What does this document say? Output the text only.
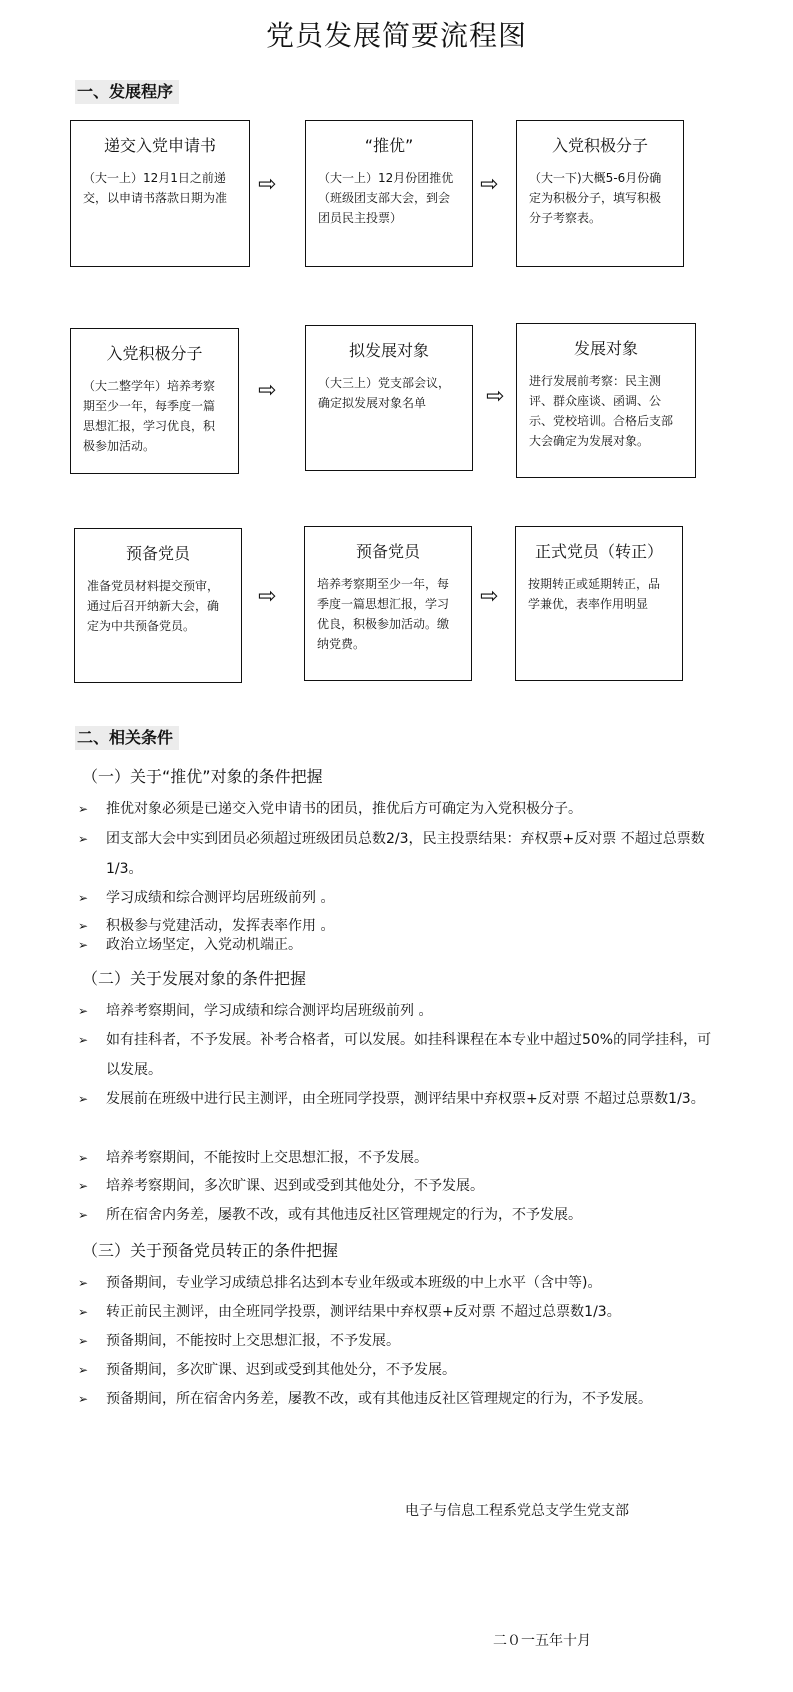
党员发展简要流程图
一、发展程序
递交入党申请书
（大一上）12月1日之前递交，以申请书落款日期为准
⇨
“推优”
（大一上）12月份团推优（班级团支部大会，到会团员民主投票）
⇨
入党积极分子
（大一下)大概5-6月份确定为积极分子，填写积极分子考察表。
入党积极分子
（大二整学年）培养考察期至少一年，每季度一篇思想汇报，学习优良，积极参加活动。
⇨
拟发展对象
（大三上）党支部会议，确定拟发展对象名单	⇨
发展对象
进行发展前考察：民主测评、群众座谈、函调、公示、党校培训。合格后支部大会确定为发展对象。
预备党员
准备党员材料提交预审，通过后召开纳新大会，确定为中共预备党员。
⇨
预备党员
培养考察期至少一年，每季度一篇思想汇报，学习优良，积极参加活动。缴纳党费。
⇨
正式党员（转正）
按期转正或延期转正，品学兼优，表率作用明显
二、相关条件
（一）关于“推优”对象的条件把握
➢ 推优对象必须是已递交入党申请书的团员，推优后方可确定为入党积极分子。
➢ 团支部大会中实到团员必须超过班级团员总数2/3，民主投票结果：弃权票+反对票 不超过总票数1/3。
➢ 学习成绩和综合测评均居班级前列 。
➢ 积极参与党建活动，发挥表率作用 。
➢ 政治立场坚定，入党动机端正。
（二）关于发展对象的条件把握
➢ 培养考察期间，学习成绩和综合测评均居班级前列 。
➢ 如有挂科者，不予发展。补考合格者，可以发展。如挂科课程在本专业中超过50%的同学挂科，可以发展。
➢ 发展前在班级中进行民主测评，由全班同学投票，测评结果中弃权票+反对票 不超过总票数1/3。
➢ 培养考察期间，不能按时上交思想汇报，不予发展。
➢ 培养考察期间，多次旷课、迟到或受到其他处分，不予发展。
➢ 所在宿舍内务差，屡教不改，或有其他违反社区管理规定的行为，不予发展。
（三）关于预备党员转正的条件把握
➢ 预备期间，专业学习成绩总排名达到本专业年级或本班级的中上水平（含中等)。
➢ 转正前民主测评，由全班同学投票，测评结果中弃权票+反对票 不超过总票数1/3。
➢ 预备期间，不能按时上交思想汇报，不予发展。
➢ 预备期间，多次旷课、迟到或受到其他处分，不予发展。
➢ 预备期间，所在宿舍内务差，屡教不改，或有其他违反社区管理规定的行为，不予发展。
电子与信息工程系党总支学生党支部
二０一五年十月
